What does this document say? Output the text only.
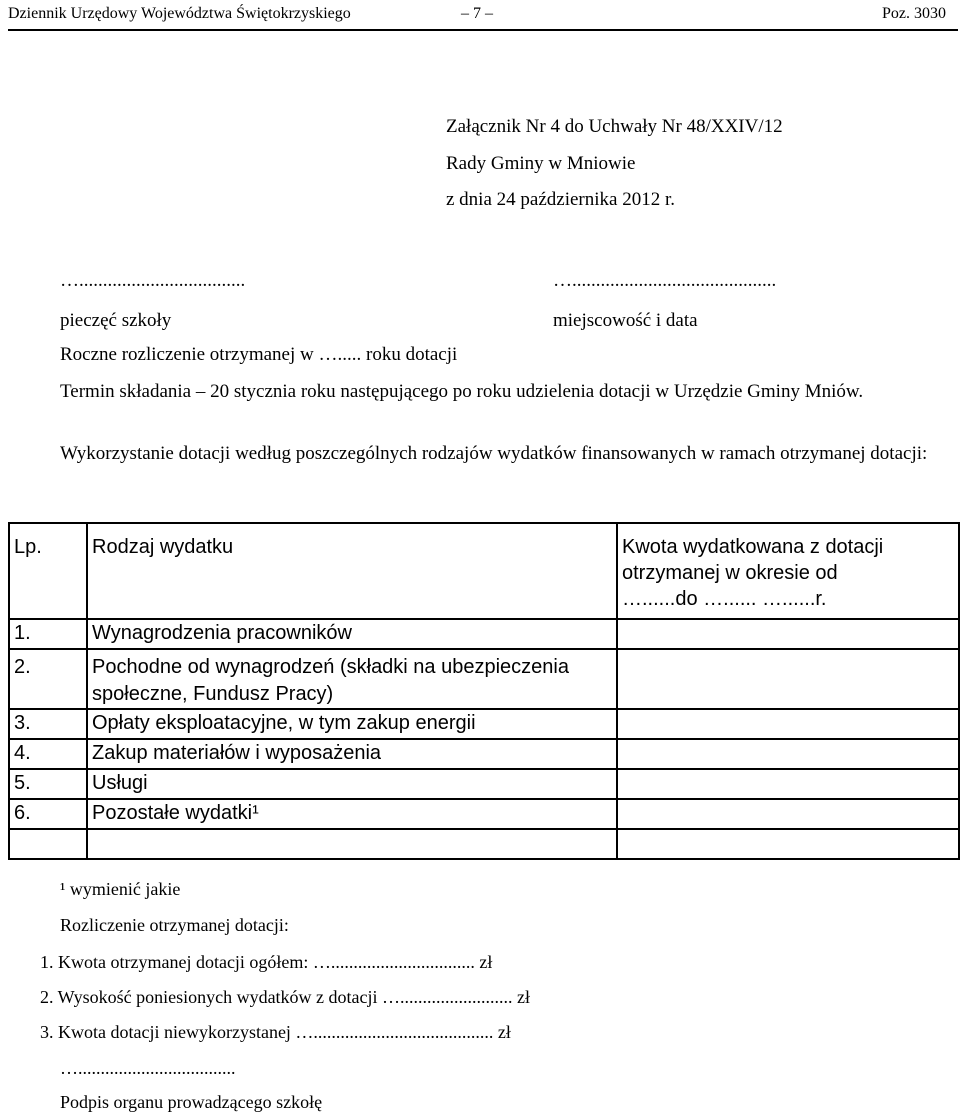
Dziennik Urzędowy Województwa Świętokrzyskiego	– 7 –	Poz. 3030
Załącznik Nr 4 do Uchwały Nr 48/XXIV/12
Rady Gminy w Mniowie
z dnia 24 października 2012 r.
…...................................	…...........................................
pieczęć szkoły	miejscowość i data
Roczne rozliczenie otrzymanej w …..... roku dotacji
Termin składania – 20 stycznia roku następującego po roku udzielenia dotacji w Urzędzie Gminy Mniów.
Wykorzystanie dotacji według poszczególnych rodzajów wydatków finansowanych w ramach otrzymanej dotacji:
Lp.	Rodzaj wydatku	Kwota wydatkowana z dotacji
otrzymanej w okresie od
…......do …...... …......r.

1.	Wynagrodzenia pracowników	
2.	Pochodne od wynagrodzeń (składki na ubezpieczenia społeczne, Fundusz Pracy)	
3.	Opłaty eksploatacyjne, w tym zakup energii	
4.	Zakup materiałów i wyposażenia	
5.	Usługi	
6.	Pozostałe wydatki¹	

¹ wymienić jakie
Rozliczenie otrzymanej dotacji:
1. Kwota otrzymanej dotacji ogółem: …................................ zł
2. Wysokość poniesionych wydatków z dotacji …......................... zł
3. Kwota dotacji niewykorzystanej …........................................ zł
…...................................
Podpis organu prowadzącego szkołę
